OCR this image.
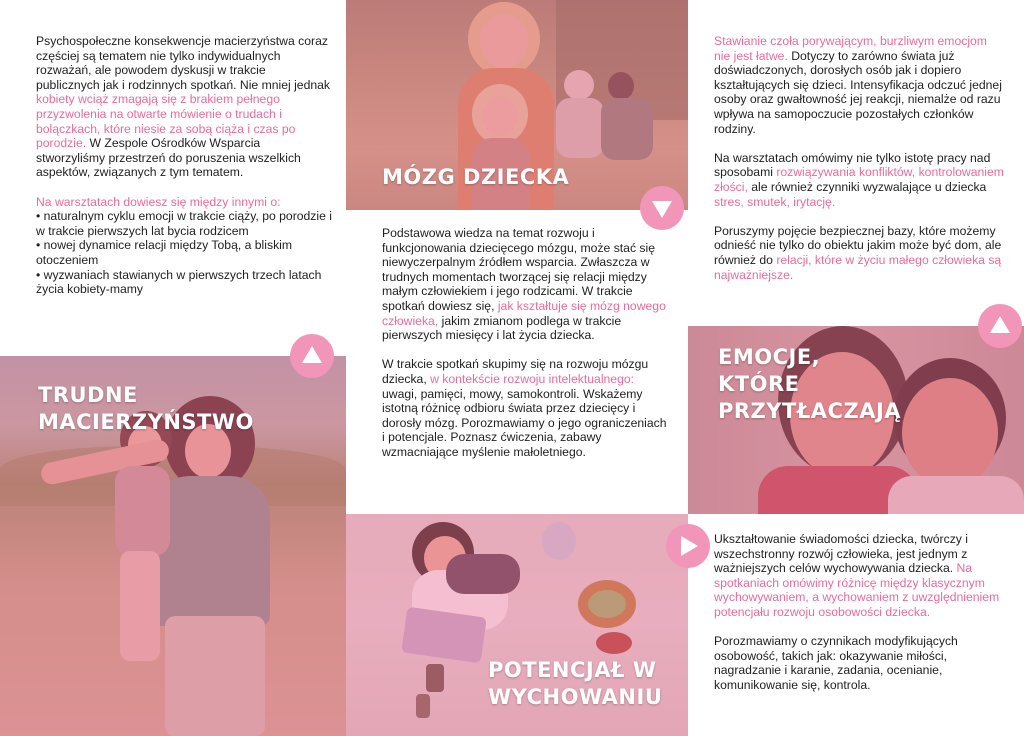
Psychospołeczne konsekwencje macierzyństwa coraz częściej są tematem nie tylko indywidualnych rozważań, ale powodem dyskusji w trakcie publicznych jak i rodzinnych spotkań. Nie mniej jednak kobiety wciąż zmagają się z brakiem pełnego przyzwolenia na otwarte mówienie o trudach i bolączkach, które niesie za sobą ciąża i czas po porodzie. W Zespole Ośrodków Wsparcia stworzyliśmy przestrzeń do poruszenia wszelkich aspektów, związanych z tym tematem.

Na warsztatach dowiesz się między innymi o:

• naturalnym cyklu emocji w trakcie ciąży, po porodzie i w trakcie pierwszych lat bycia rodzicem
• nowej dynamice relacji między Tobą, a bliskim otoczeniem
• wyzwaniach stawianych w pierwszych trzech latach życia kobiety-mamy

Podstawowa wiedza na temat rozwoju i funkcjonowania dziecięcego mózgu, może stać się niewyczerpalnym źródłem wsparcia. Zwłaszcza w trudnych momentach tworzącej się relacji między małym człowiekiem i jego rodzicami. W trakcie spotkań dowiesz się, jak kształtuje się mózg nowego człowieka, jakim zmianom podlega w trakcie pierwszych miesięcy i lat życia dziecka.

W trakcie spotkań skupimy się na rozwoju mózgu dziecka, w kontekście rozwoju intelektualnego: uwagi, pamięci, mowy, samokontroli. Wskażemy istotną różnicę odbioru świata przez dziecięcy i dorosły mózg. Porozmawiamy o jego ograniczeniach i potencjale. Poznasz ćwiczenia, zabawy wzmacniające myślenie małoletniego.

Stawianie czoła porywającym, burzliwym emocjom nie jest łatwe. Dotyczy to zarówno świata już doświadczonych, dorosłych osób jak i dopiero kształtujących się dzieci. Intensyfikacja odczuć jednej osoby oraz gwałtowność jej reakcji, niemalże od razu wpływa na samopoczucie pozostałych członków rodziny.

Na warsztatach omówimy nie tylko istotę pracy nad sposobami rozwiązywania konfliktów, kontrolowaniem złości, ale również czynniki wyzwalające u dziecka stres, smutek, irytację.

Poruszymy pojęcie bezpiecznej bazy, które możemy odnieść nie tylko do obiektu jakim może być dom, ale również do relacji, które w życiu małego człowieka są najważniejsze.

Ukształtowanie świadomości dziecka, twórczy i wszechstronny rozwój człowieka, jest jednym z ważniejszych celów wychowywania dziecka. Na spotkaniach omówimy różnicę między klasycznym wychowywaniem, a wychowaniem z uwzględnieniem potencjału rozwoju osobowości dziecka.

Porozmawiamy o czynnikach modyfikujących osobowość, takich jak: okazywanie miłości, nagradzanie i karanie, zadania, ocenianie, komunikowanie się, kontrola.

TRUDNE
MACIERZYŃSTWO
MÓZG DZIECKA
EMOCJE,
KTÓRE
PRZYTŁACZAJĄ
POTENCJAŁ W
WYCHOWANIU
